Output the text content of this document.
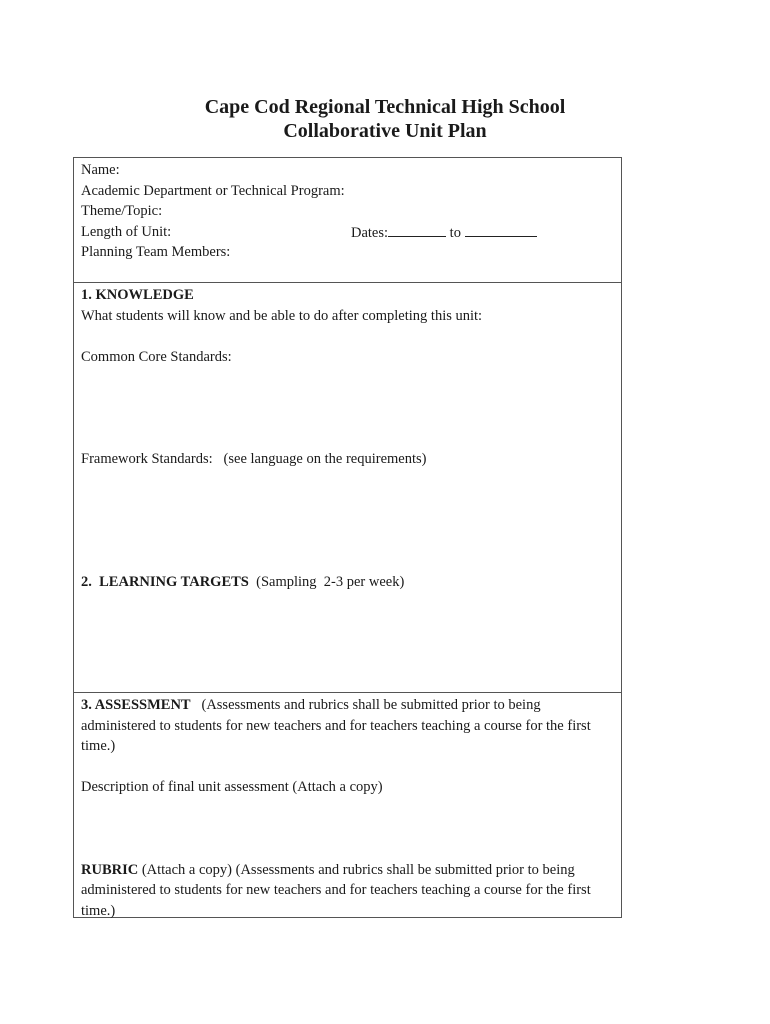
Cape Cod Regional Technical High School
Collaborative Unit Plan
Name:
Academic Department or Technical Program:
Theme/Topic:
Length of Unit:	Dates:	to
Planning Team Members:
1. KNOWLEDGE
What students will know and be able to do after completing this unit:
Common Core Standards:
Framework Standards:   (see language on the requirements)
2.  LEARNING TARGETS (Sampling  2-3 per week)
3. ASSESSMENT (Assessments and rubrics shall be submitted prior to being administered to students for new teachers and for teachers teaching a course for the first time.)
Description of final unit assessment (Attach a copy)
RUBRIC (Attach a copy) (Assessments and rubrics shall be submitted prior to being administered to students for new teachers and for teachers teaching a course for the first time.)
